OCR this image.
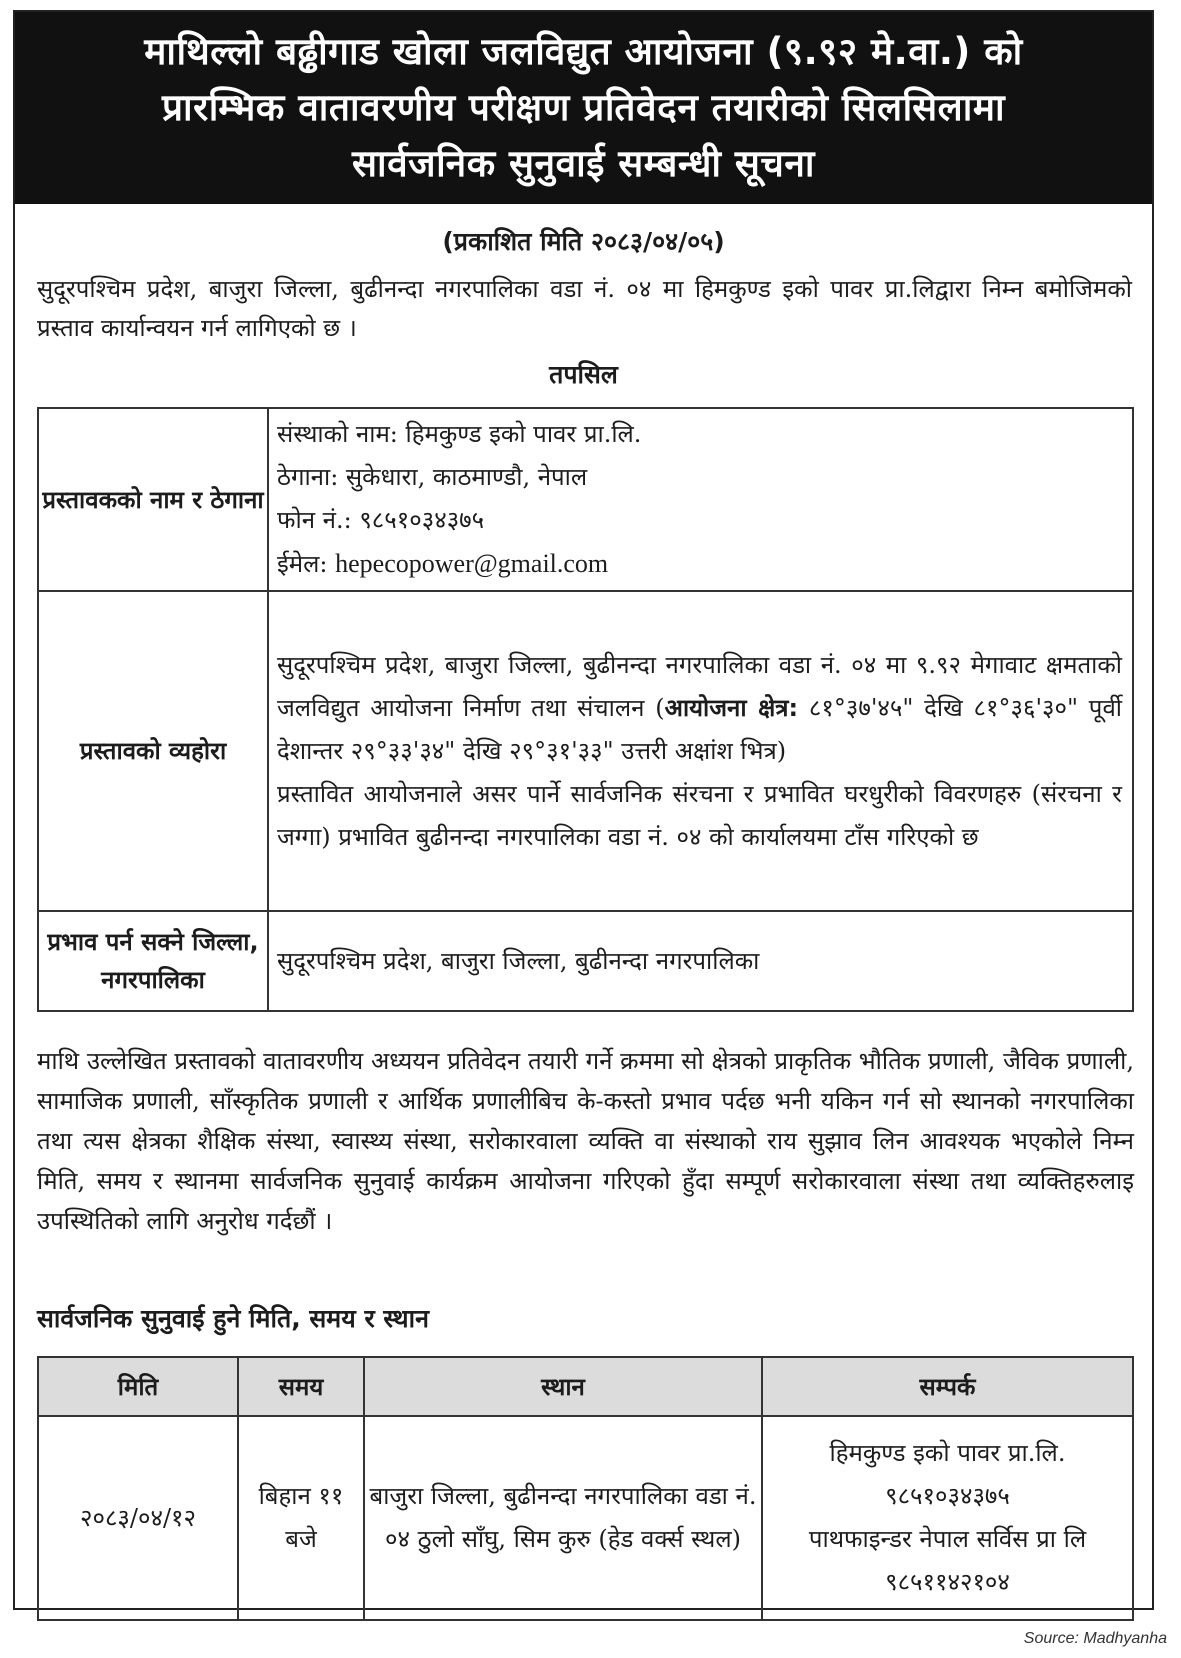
माथिल्लो बढ्ढीगाड खोला जलविद्युत आयोजना (९.९२ मे.वा.) को
प्रारम्भिक वातावरणीय परीक्षण प्रतिवेदन तयारीको सिलसिलामा
सार्वजनिक सुनुवाई सम्बन्धी सूचना
(प्रकाशित मिति २०८३/०४/०५)
सुदूरपश्चिम प्रदेश, बाजुरा जिल्ला, बुढीनन्दा नगरपालिका वडा नं. ०४ मा हिमकुण्ड इको पावर प्रा.लिद्वारा निम्न बमोजिमको प्रस्ताव कार्यान्वयन गर्न लागिएको छ ।
तपसिल
प्रस्तावकको नाम र ठेगाना	संस्थाको नाम: हिमकुण्ड इको पावर प्रा.लि.
ठेगाना: सुकेधारा, काठमाण्डौ, नेपाल
फोन नं.: ९८५१०३४३७५
ईमेल: hepecopower@gmail.com

प्रस्तावको व्यहोरा	सुदूरपश्चिम प्रदेश, बाजुरा जिल्ला, बुढीनन्दा नगरपालिका वडा नं. ०४ मा ९.९२ मेगावाट क्षमताको जलविद्युत आयोजना निर्माण तथा संचालन (आयोजना क्षेत्र: ८१°३७'४५" देखि ८१°३६'३०" पूर्वी देशान्तर २९°३३'३४" देखि २९°३१'३३" उत्तरी अक्षांश भित्र)
प्रस्तावित आयोजनाले असर पार्ने सार्वजनिक संरचना र प्रभावित घरधुरीको विवरणहरु (संरचना र जग्गा) प्रभावित बुढीनन्दा नगरपालिका वडा नं. ०४ को कार्यालयमा टाँस गरिएको छ

प्रभाव पर्न सक्ने जिल्ला, नगरपालिका	सुदूरपश्चिम प्रदेश, बाजुरा जिल्ला, बुढीनन्दा नगरपालिका
माथि उल्लेखित प्रस्तावको वातावरणीय अध्ययन प्रतिवेदन तयारी गर्ने क्रममा सो क्षेत्रको प्राकृतिक भौतिक प्रणाली, जैविक प्रणाली, सामाजिक प्रणाली, साँस्कृतिक प्रणाली र आर्थिक प्रणालीबिच के-कस्तो प्रभाव पर्दछ भनी यकिन गर्न सो स्थानको नगरपालिका तथा त्यस क्षेत्रका शैक्षिक संस्था, स्वास्थ्य संस्था, सरोकारवाला व्यक्ति वा संस्थाको राय सुझाव लिन आवश्यक भएकोले निम्न मिति, समय र स्थानमा सार्वजनिक सुनुवाई कार्यक्रम आयोजना गरिएको हुँदा सम्पूर्ण सरोकारवाला संस्था तथा व्यक्तिहरुलाइ उपस्थितिको लागि अनुरोध गर्दछौं ।
सार्वजनिक सुनुवाई हुने मिति, समय र स्थान
मिति	समय	स्थान	सम्पर्क
२०८३/०४/१२	बिहान ११ बजे	बाजुरा जिल्ला, बुढीनन्दा नगरपालिका वडा नं. ०४ ठुलो साँघु, सिम कुरु (हेड वर्क्स स्थल)	हिमकुण्ड इको पावर प्रा.लि.
९८५१०३४३७५
पाथफाइन्डर नेपाल सर्विस प्रा लि
९८५११४२१०४
Source: Madhyanha
